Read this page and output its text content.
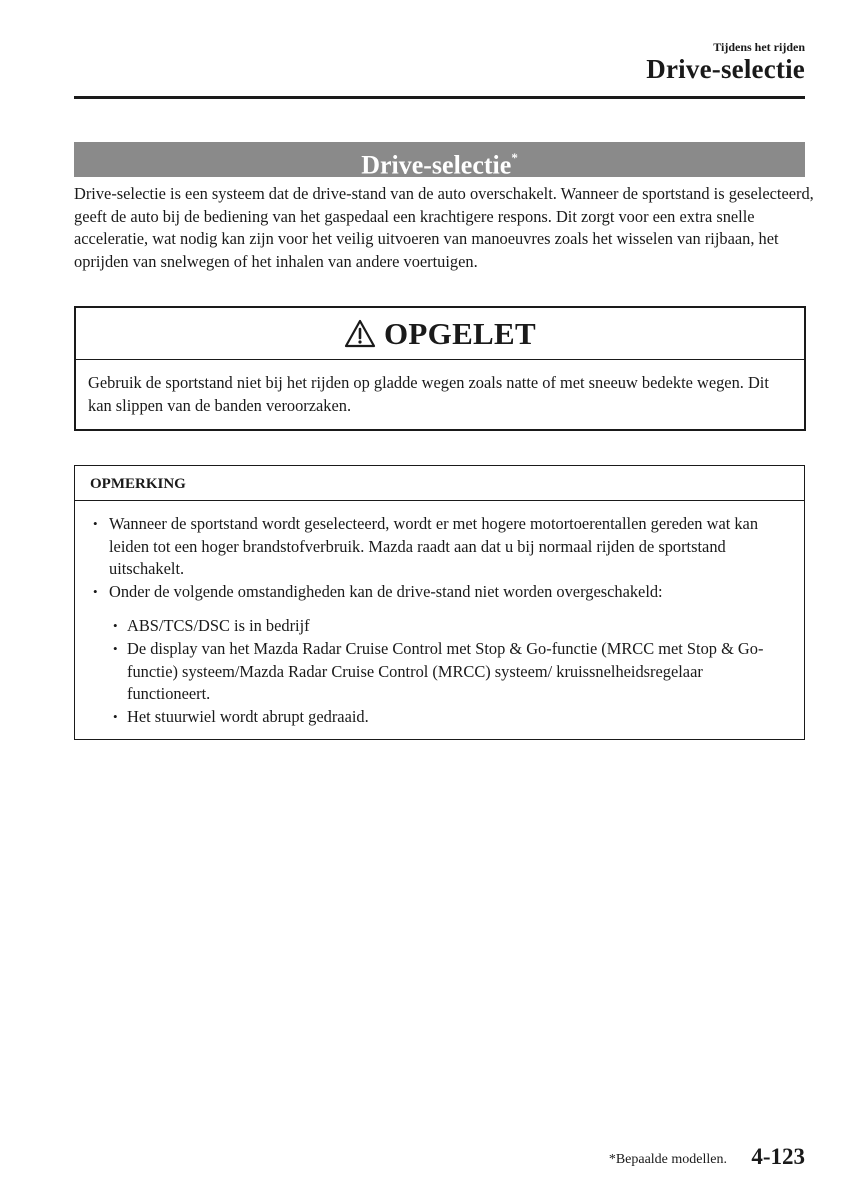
Tijdens het rijden
Drive-selectie
Drive-selectie*

Drive-selectie is een systeem dat de drive-stand van de auto overschakelt. Wanneer de sportstand is geselecteerd, geeft de auto bij de bediening van het gaspedaal een krachtigere respons. Dit zorgt voor een extra snelle acceleratie, wat nodig kan zijn voor het veilig uitvoeren van manoeuvres zoals het wisselen van rijbaan, het oprijden van snelwegen of het inhalen van andere voertuigen.

OPGELET

Gebruik de sportstand niet bij het rijden op gladde wegen zoals natte of met sneeuw bedekte wegen. Dit kan slippen van de banden veroorzaken.

OPMERKING
• Wanneer de sportstand wordt geselecteerd, wordt er met hogere motortoerentallen gereden wat kan leiden tot een hoger brandstofverbruik. Mazda raadt aan dat u bij normaal rijden de sportstand uitschakelt.
• Onder de volgende omstandigheden kan de drive-stand niet worden overgeschakeld:
• ABS/TCS/DSC is in bedrijf
• De display van het Mazda Radar Cruise Control met Stop & Go-functie (MRCC met Stop & Go-functie) systeem/Mazda Radar Cruise Control (MRCC) systeem/ kruissnelheidsregelaar functioneert.
• Het stuurwiel wordt abrupt gedraaid.
*Bepaalde modellen. 4-123
